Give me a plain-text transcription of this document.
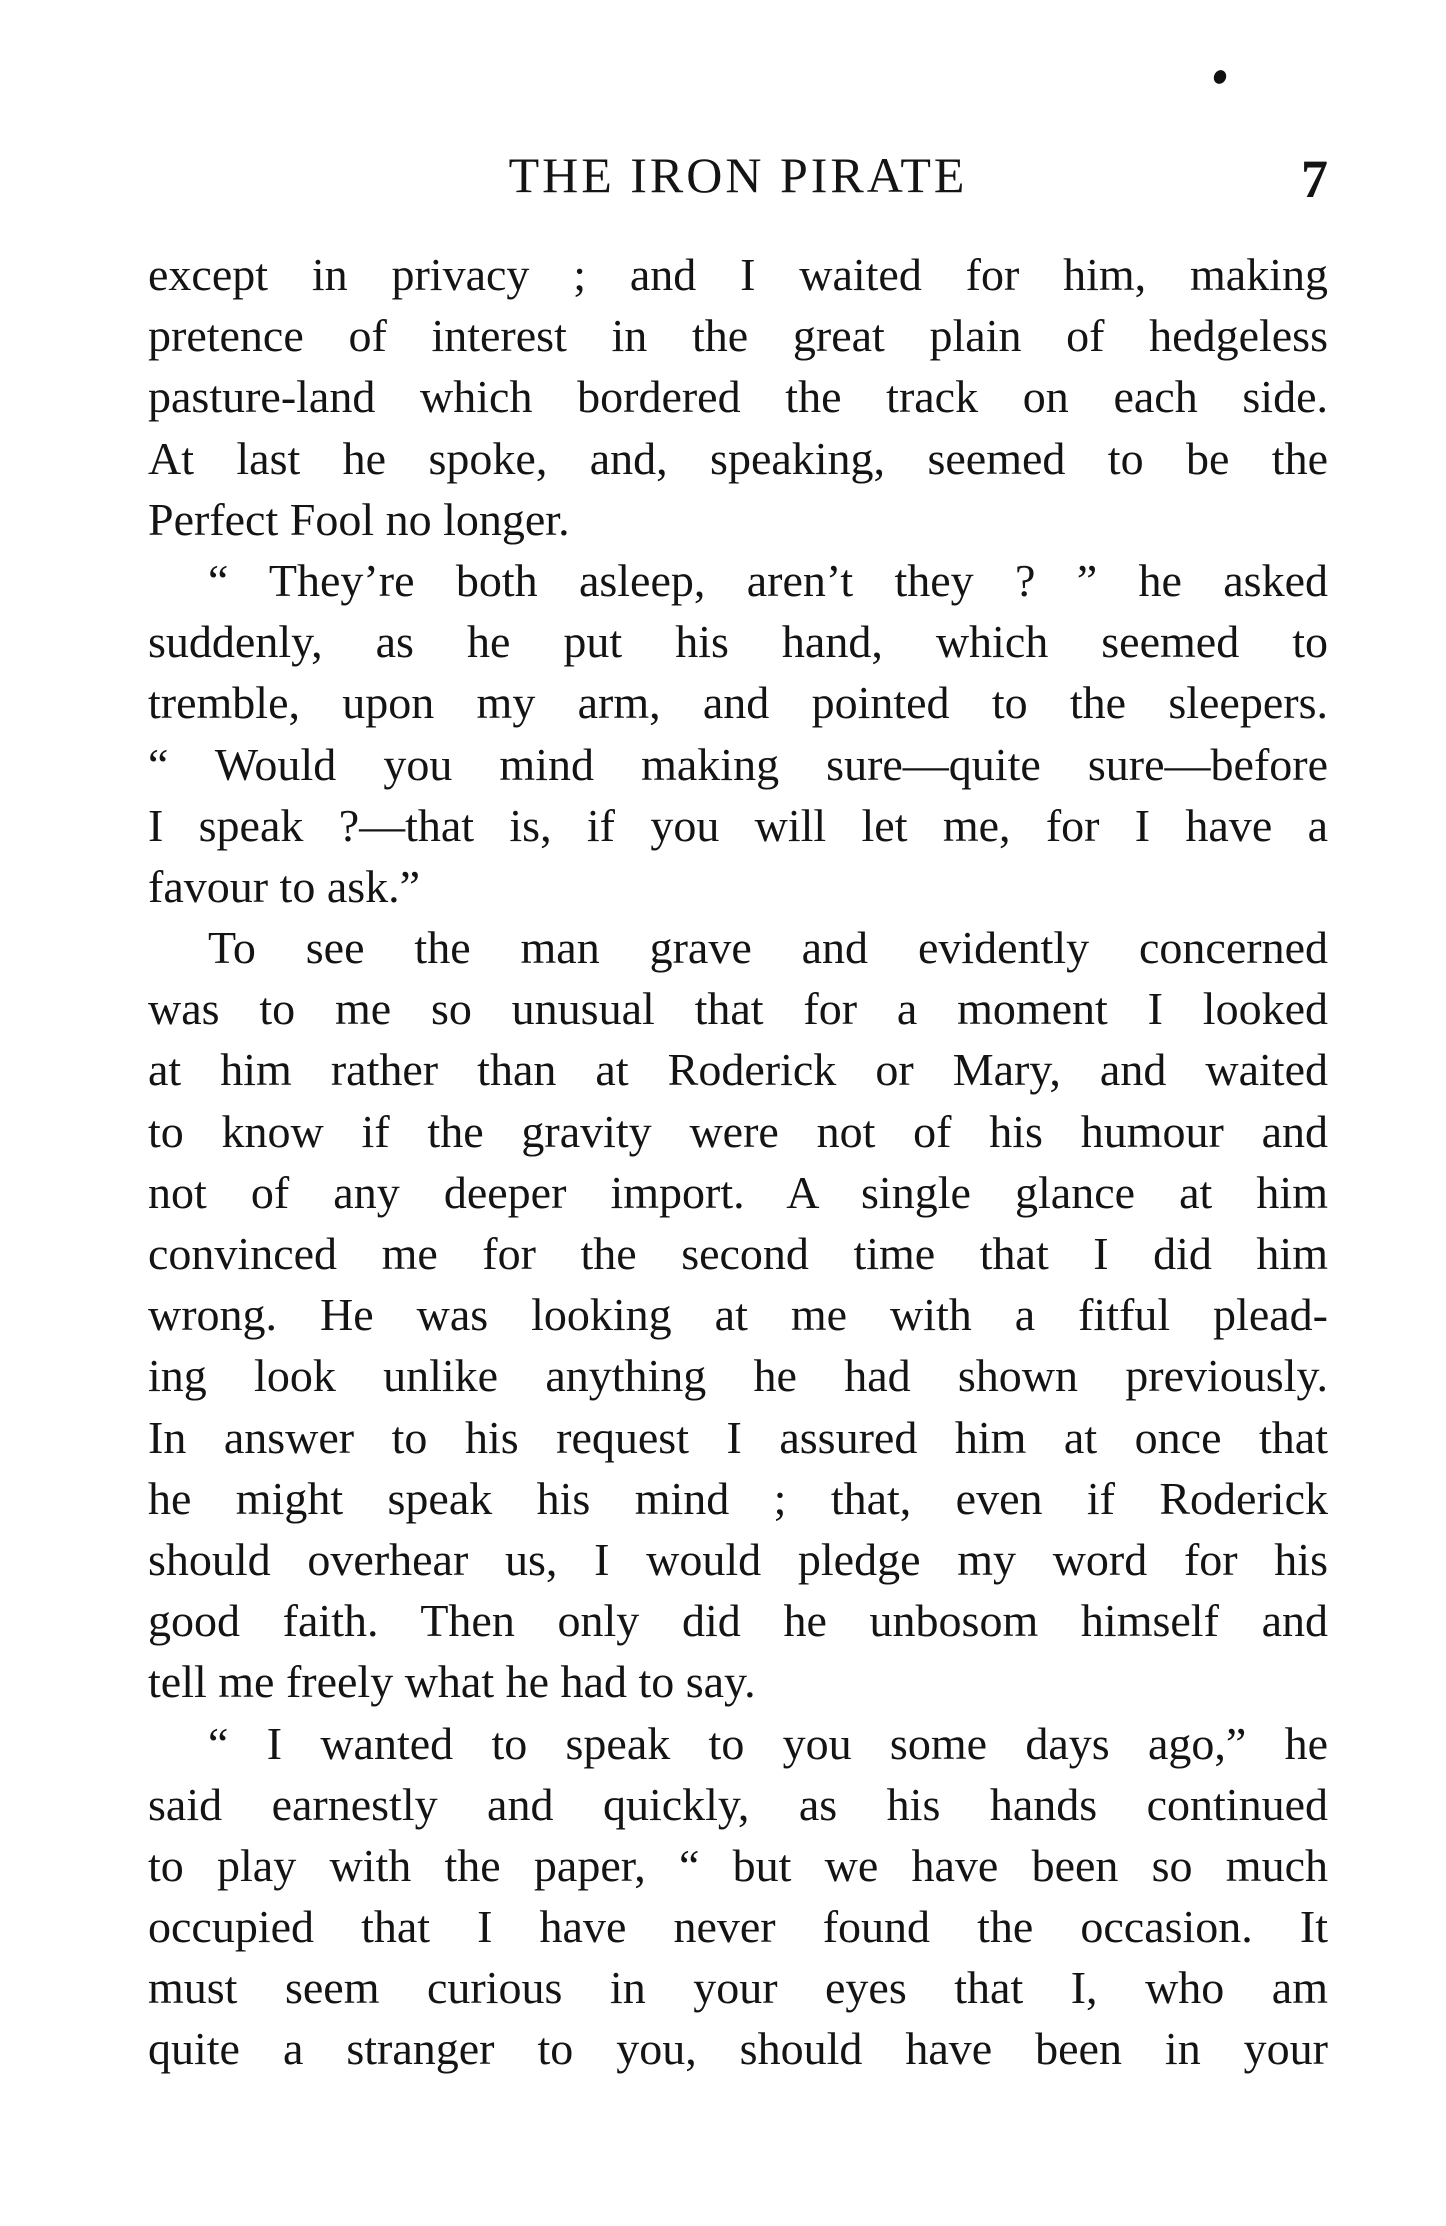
THE IRON PIRATE	7
except in privacy ; and I waited for him, making
pretence of interest in the great plain of hedgeless
pasture-land which bordered the track on each side.
At last he spoke, and, speaking, seemed to be the
Perfect Fool no longer.
“ They’re both asleep, aren’t they ? ” he asked
suddenly, as he put his hand, which seemed to
tremble, upon my arm, and pointed to the sleepers.
“ Would you mind making sure—quite sure—before
I speak ?—that is, if you will let me, for I have a
favour to ask.”
To see the man grave and evidently concerned
was to me so unusual that for a moment I looked
at him rather than at Roderick or Mary, and waited
to know if the gravity were not of his humour and
not of any deeper import. A single glance at him
convinced me for the second time that I did him
wrong. He was looking at me with a fitful plead-
ing look unlike anything he had shown previously.
In answer to his request I assured him at once that
he might speak his mind ; that, even if Roderick
should overhear us, I would pledge my word for his
good faith. Then only did he unbosom himself and
tell me freely what he had to say.
“ I wanted to speak to you some days ago,” he
said earnestly and quickly, as his hands continued
to play with the paper, “ but we have been so much
occupied that I have never found the occasion. It
must seem curious in your eyes that I, who am
quite a stranger to you, should have been in your
